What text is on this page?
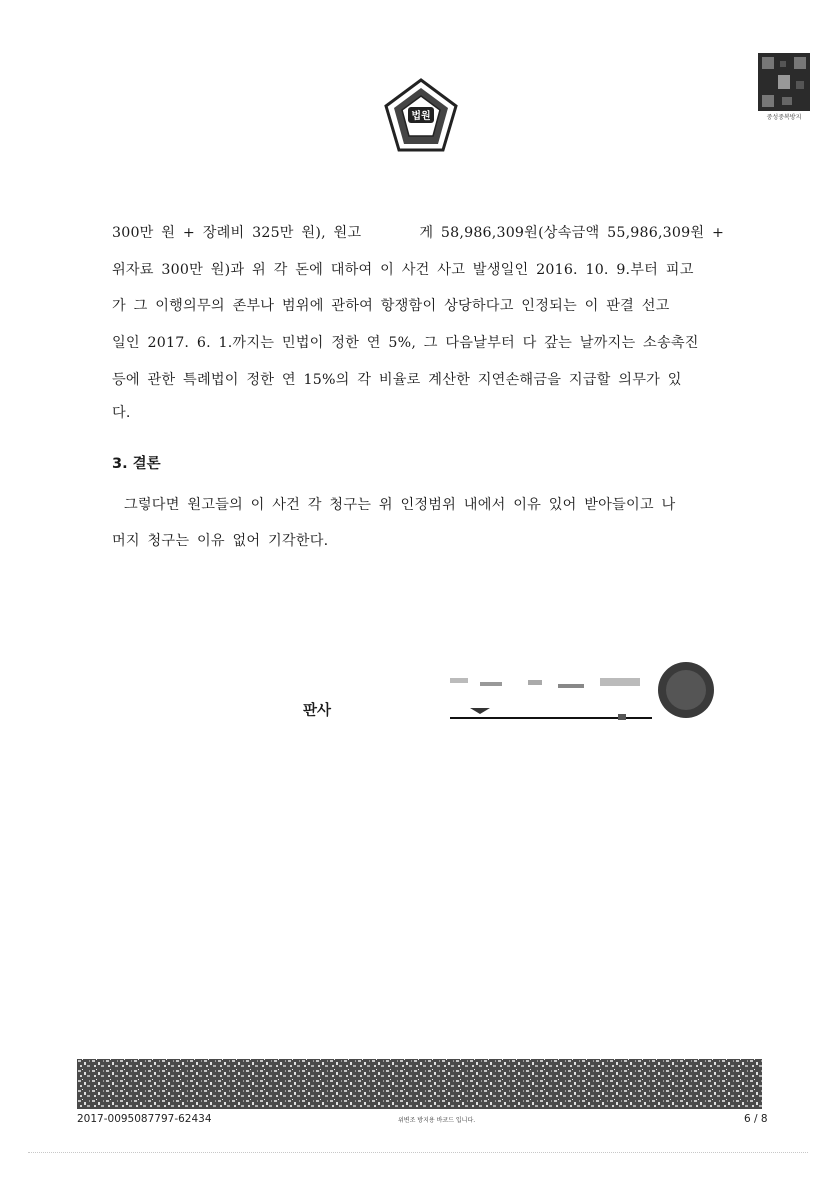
법원	중성중복방지
300만 원 + 장례비 325만 원), 원고	게 58,986,309원(상속금액 55,986,309원 +
위자료 300만 원)과 위 각 돈에 대하여 이 사건 사고 발생일인 2016. 10. 9.부터 피고
가 그 이행의무의 존부나 범위에 관하여 항쟁함이 상당하다고 인정되는 이 판결 선고
일인 2017. 6. 1.까지는 민법이 정한 연 5%, 그 다음날부터 다 갚는 날까지는 소송촉진
등에 관한 특례법이 정한 연 15%의 각 비율로 계산한 지연손해금을 지급할 의무가 있
다.
3. 결론
그렇다면 원고들의 이 사건 각 청구는 위 인정범위 내에서 이유 있어 받아들이고 나
머지 청구는 이유 없어 기각한다.
판사
2017-0095087797-62434	위변조 방지용 바코드 입니다.	6 / 8
